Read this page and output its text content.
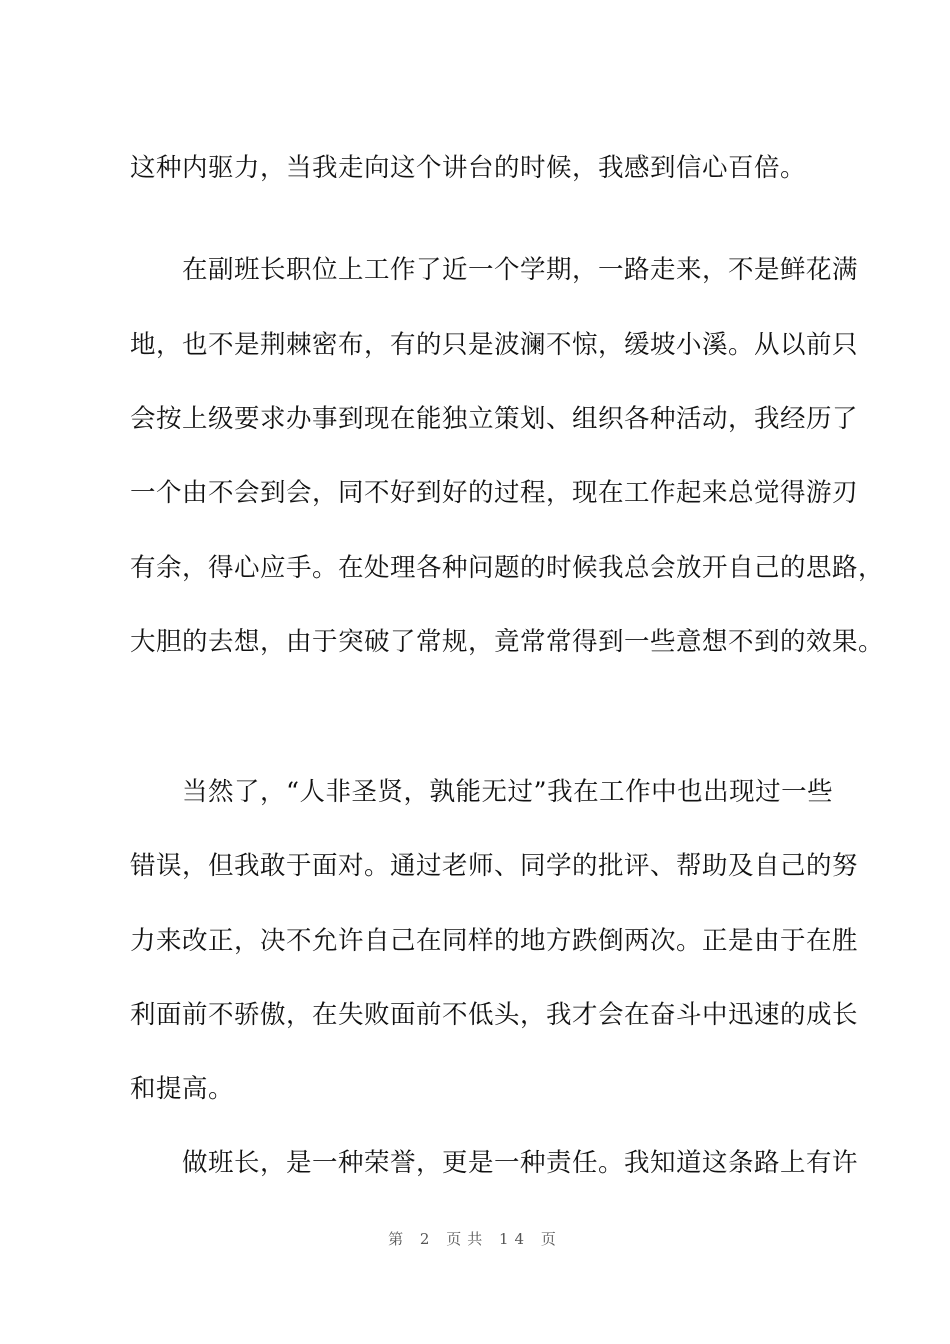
这种内驱力，当我走向这个讲台的时候，我感到信心百倍。
　　在副班长职位上工作了近一个学期，一路走来，不是鲜花满
地，也不是荆棘密布，有的只是波澜不惊，缓坡小溪。从以前只
会按上级要求办事到现在能独立策划、组织各种活动，我经历了
一个由不会到会，同不好到好的过程，现在工作起来总觉得游刃
有余，得心应手。在处理各种问题的时候我总会放开自己的思路，
大胆的去想，由于突破了常规，竟常常得到一些意想不到的效果。
　　当然了，“人非圣贤，孰能无过”我在工作中也出现过一些
错误，但我敢于面对。通过老师、同学的批评、帮助及自己的努
力来改正，决不允许自己在同样的地方跌倒两次。正是由于在胜
利面前不骄傲，在失败面前不低头，我才会在奋斗中迅速的成长
和提高。
　　做班长，是一种荣誉，更是一种责任。我知道这条路上有许
第 2 页共 14 页
